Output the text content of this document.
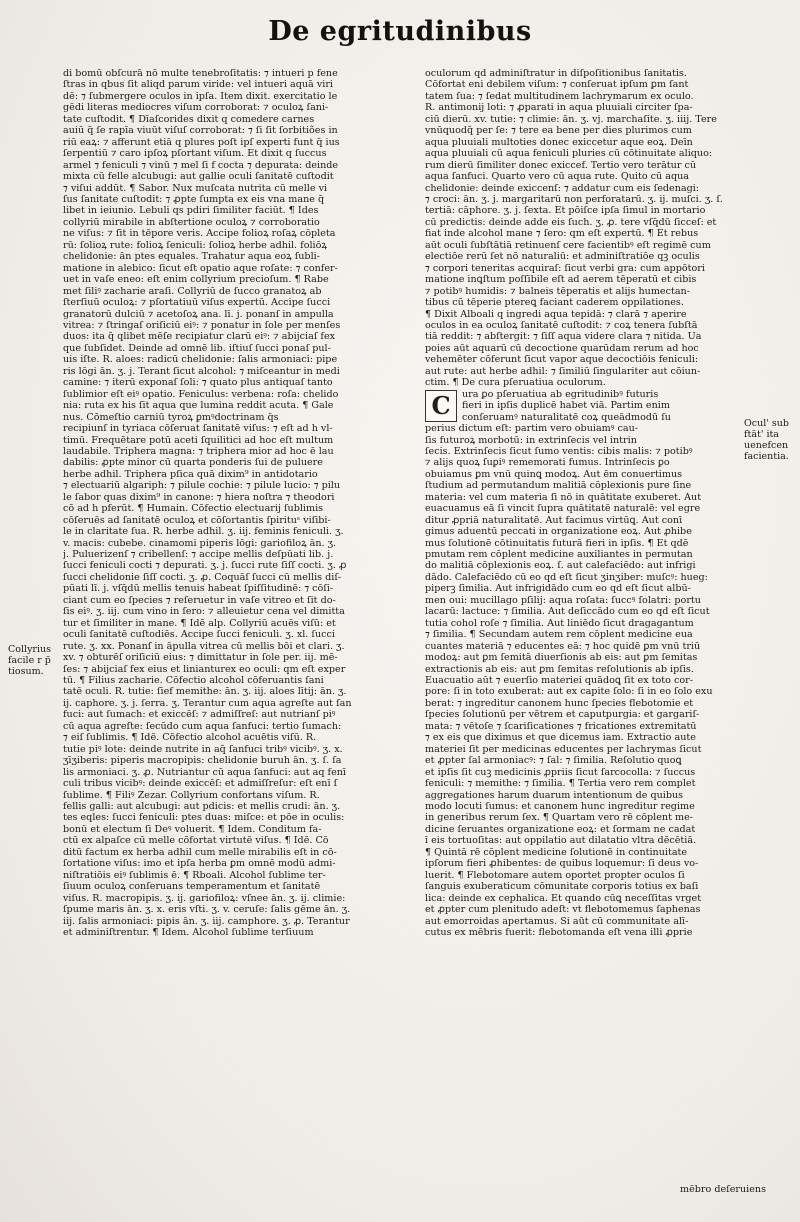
De egritudinibus
Collyrius
facile r p̃
tiosum.
Ocul' sub
ftāt' ita
uenefcen
facientia.

di bomū obſcurā nō multe tenebroſitatis: ⁊ intueri p fene

ſtras in qbus ſit aliqd parum viride: vel intueri aquā viri

dē: ⁊ ſubmergere oculos in ipſa. Item dixit. exercitatio le

gēdi literas mediocres viſum corroborat: ⁊ oculoꝝ ſani-

tate cuſtodit. ¶ Dīaſcorides dixit q comedere carnes

auiū q̄ ſe rapīa viuūt viſuſ corroborat: ⁊ ſi ſit ſorbitiões in

riū eaꝝ: ⁊ afferunt etiā q plures poſt ipſ experti funt q̄ ius

ſerpentiū ⁊ caro ipſoꝝ pſortant viſum. Et dixit q ſuccus

armel ⁊ feniculi ⁊ vinū ⁊ mel ſi f cocta ⁊ depurata: deinde

mixta cū felle alcubugi: aut gallie oculi ſanitatē cuſtodit

⁊ viſui addūt. ¶ Sabor. Nux muſcata nutrita cū melle vi

ſus ſanitate cuſtodit: ⁊ ꝓpte ſumpta ex eis vna mane q̄

libet in ieiunio. Lebuli qs pdiri ſimiliter faciūt. ¶ Ides

collyriū mirabile in abſtertione oculoꝝ ⁊ corroboratio

ne viſus: ⁊ ſit in tēpore veris. Accipe folioꝝ roſaꝝ cōpleta

rū: ſolioꝝ rute: folioꝝ ſeniculi: ſolioꝝ herbe adhil. foliōꝝ

chelidonie: ān ptes equales. Trahatur aqua eoꝝ ſubli-

matione in alebico: ſicut eſt opatio aque roſate: ⁊ confer-

uet in vaſe eneo: eſt enim collyrium precioſum. ¶ Rabe

met ſiliꝰ zacharie araſi. Collyriū de ſucco granatoꝝ ab

ſterſiuū oculoꝝ: ⁊ pſortatiuū viſus expertū. Accipe ſucci

granatorū dulciū ⁊ acetoſoꝝ ana. lī. j. ponanſ in ampulla

vitrea: ⁊ ſtringaſ oriſiciū eiꝰ: ⁊ ponatur in ſole per menſes

duos: ita q̄ qlibet mēſe recipiatur clarū eiꝰ: ⁊ abijciaſ fex

que ſubſidet. Deinde ad omnē lib. iſtiuſ ſucci ponaſ pul-

uis iſte. R. aloes: radicū chelidonie: ſalis armoniaci: pipe

ris lōgi ān. ʒ. j. Terant ſicut alcohol: ⁊ miſceantur in medi

camine: ⁊ iterū exponaſ ſoli: ⁊ quato plus antiquaſ tanto

ſublimior eſt eiꝰ opatio. Feniculus: verbena: roſa: chelido

nia: ruta ex his ſit aqua que lumina reddit acuta. ¶ Gale

nus. Cōmeſtio carniū tyroꝝ ꝑmꝰdoctrinam q̄s

recipiunſ in tyriaca cōſeruat ſanitatē viſus: ⁊ eſt ad h vl-

timū. Frequētare potū aceti ſquilitici ad hoc eſt multum

laudabile. Triphera magna: ⁊ triphera mior ad hoc ē lau

dabilis: ꝓpte minor cū quarta ponderis ſui de puluere

herbe adhil. Triphera pſica quā dixim⁹ in antidotario

⁊ electuariū algariph: ⁊ pilule cochie: ⁊ pilule lucio: ⁊ pilu

le ſabor quas dixim⁹ in canone: ⁊ hiera noſtra ⁊ theodori

cō ad h pferūt. ¶ Humain. Cōfectio electuarij ſublimis

cōſeruēs ad ſanitatē oculoꝝ et cōſortantis ſpirituˢ viſibi-

le in claritate ſua. R. herbe adhil. ʒ. iij. feminis feniculi. ʒ.

v. macis: cubebe. cinamomi piperis lōgi: gariofiloꝝ ān. ʒ.

j. Puluerizenſ ⁊ cribellenſ: ⁊ accipe mellis deſpūati lib. j.

ſucci feniculi cocti ⁊ depurati. ʒ. j. ſucci rute ſiſſ cocti. ʒ. ꝓ

ſucci chelidonie ſiſſ cocti. ʒ. ꝓ. Coquāſ ſucci cū mellis diſ-

pūati lī. j. vſq̄dū mellis tenuis habeat ſpiſſitudinē: ⁊ cōſi-

ciant cum eo ſpecies ⁊ reſeruetur in vaſe vitreo et ſit do-

ſis eiꝰ. ʒ. iij. cum vino in ſero: ⁊ alleuietur cena vel dimitta

tur et ſimiliter in mane. ¶ Idē alp. Collyriū acuēs viſū: et

oculi ſanitatē cuſtodiēs. Accipe ſucci feniculi. ʒ. xl. ſucci

rute. ʒ. xx. Ponanſ in āpulla vitrea cū mellis bōi et clari. ʒ.

xv. ⁊ obturēſ oriſiciū eius: ⁊ dimittatur in ſole per. iij. mē-

ſes: ⁊ abijciaſ fex eius et linianturex eo oculi: qm eſt exper

tū. ¶ Filius zacharie. Cōfectio alcohol cōferuantis ſani

tatē oculi. R. tutie: ſief memithe: ān. ʒ. iij. aloes lītij: ān. ʒ.

ij. caphore. ʒ. j. ſerra. ʒ. Terantur cum aqua agreſte aut ſan

fuci: aut ſumach: et exiccēſ: ⁊ admiſſreſ: aut nutrianſ piꝰ

cū aqua agreſte: ſecūdo cum aqua ſanfuci: tertio ſumach:

⁊ eiſ ſublimis. ¶ Idē. Cōfectio alcohol acuētis viſū. R.

tutie piꝰ lote: deinde nutrite in aq̄ ſanfuci tribꝰ vicibꝰ. ʒ. x.

ʒīʒiberis: piperis macropipis: chelidonie buruh ān. ʒ. ſ. ſa

lis armoniaci. ʒ. ꝓ. Nutriantur cū aqua ſanfuci: aut aq fenī

culi tribus vicibꝰ: deinde exiccēſ: et admiſſreſur: eſt enī ſ

ſublime. ¶ Filiꝰ Zezar. Collyrium confortans viſum. R.

fellis galli: aut alcubugi: aut pdicis: et mellis crudi: ān. ʒ.

tes eqles: ſucci feniculi: ptes duas: miſce: et pōe in oculis:

bonū et electum ſi Deꝰ voluerit. ¶ Idem. Conditum fa-

ctū ex alpaſce cū melle cōfortat virtutē viſus. ¶ Idē. Cō

ditū factum ex herba adhil cum melle mirabilis eſt in cō-

ſortatione viſus: imo et ipſa herba ꝑm omnē modū admi-

niſtratiōis eiꝰ ſublimis ē. ¶ Rboali. Alcohol ſublime ter-

ſiuum oculoꝝ conſeruans temperamentum et ſanitatē

viſus. R. macropipis. ʒ. ij. gariofiloꝝ: vſnee ān. ʒ. ij. climie:

ſpume maris ān. ʒ. x. eris vſti. ʒ. v. ceruſe: ſalis gēme ān. ʒ.

iij. ſalis armoniaci: pipis ān. ʒ. iij. camphore. ʒ. ꝓ. Terantur

et adminiſtrentur. ¶ Idem. Alcohol ſublime terſiuum

oculorum qd adminiſtratur in diſpoſitionibus ſanitatis.

Cōfortat eni debilem viſum: ⁊ conſeruat ipſum ꝑm ſant

tatem ſua: ⁊ ſedat multitudinem lachrymarum ex oculo.

R. antimonij loti: ⁊ ꝓparati in aqua pluuiali circiter ſpa-

ciū dierū. xv. tutie: ⁊ climie: ān. ʒ. vj. marchaſite. ʒ. iiij. Tere

vnūquodq̄ per ſe: ⁊ tere ea bene per dies plurimos cum

aqua pluuiali multoties donec exiccetur aque eoꝝ. Deīn

aqua pluuiali cū aqua feniculi pluries cū cōtinuitate aliquo:

rum dierū ſimiliter donec exiccef. Tertio vero terātur cū

aqua ſanfuci. Quarto vero cū aqua rute. Quito cū aqua

chelidonie: deinde exiccenſ: ⁊ addatur cum eis ſedenagi:

⁊ croci: ān. ʒ. j. margaritarū non perforatarū. ʒ. ij. muſci. ʒ. ſ.

tertiā: cāphore. ʒ. j. ſexta. Et pōiſce ipſa ſimul in mortario

cū predictis: deinde adde eis ſuch. ʒ. ꝓ. tere vſq̄dū ſicceſ: et

fiat inde alcohol mane ⁊ ſero: qm eſt expertū. ¶ Et rebus

aūt oculi ſubſtātiā retinuenſ cere facientibꝰ eſt regimē cum

electiōe rerū ſet nō naturaliū: et adminiſtratiōe qꝫ oculis

⁊ corpori teneritas acquiraſ: ſicut verbi gra: cum appōtori

matione inꝗſtum poſſibile eſt ad aerem tēperatū et cibis

⁊ potibꝰ humidis: ⁊ balneis tēperatis et alijs humectan-

tibus cū tēperie ptereꝗ faciant caderem oppilationes.

¶ Dixit Alboali q ingredi aqua tepidā: ⁊ clarā ⁊ aperire

oculos in ea oculoꝝ ſanitatē cuſtodit: ⁊ coꝝ tenera ſubſtā

tiā reddit: ⁊ abſtergit: ⁊ ſiſſ aqua videre clara ⁊ nitida. Ua

poies aūt aquarū cū decoctione quarūdam rerum ad hoc

vehemēter cōferunt ſicut vapor aque decoctiōis feniculi:

aut rute: aut herbe adhil: ⁊ ſimiliū ſingulariter aut cōiun-

ctim. ¶ De cura pſeruatiua oculorum.

C	ura ꝑo pſeruatiua ab egritudinibꝰ futuris

fieri in ipſis duplicē habet viā. Partim enim

conſeruamꝰ naturalitatē coꝝ queādmodū ſu

perius dictum eſt: partim vero obuiamꝰ cau-

ſis futuroꝝ morbotū: in extrinſecis vel intrin

ſecis. Extrinſecis ſicut ſumo ventis: cibis malis: ⁊ potibꝰ

⁊ alijs quoꝝ ſuꝑiꝰ rememorati fumus. Intrinſecis ꝑo

obuiamus ꝑm vnū quinꝗ modoꝝ. Aut ēm conuertimus

ſtudium ad permutandum malitiā cōplexionis pure ſine

materia: vel cum materia ſi nō in quātitate exuberet. Aut

euacuamus eā ſi vincit ſupra quātitatē naturalē: vel egre

ditur ꝓpriā naturalitatē. Aut facimus virtūꝗ. Aut conī

gimus aduentū peccati in organizatione eoꝝ. Aut ꝓhibe

mus ſolutionē cōtinuitatis futurā fieri in ipſis. ¶ Et qdē

pmutam rem cōplent medicine auxiliantes in permutan

do malitiā cōplexionis eoꝝ. ſ. aut calefaciēdo: aut infrigi

dādo. Calefaciēdo cū eo qd eſt ſicut ʒinʒiber: muſcꝰ: hueg:

piperꝫ ſimilia. Aut infrigidādo cum eo qd eſt ſicut albū-

men oui: mucillago pſilij: aqua roſata: ſuccꝰ ſolatri: portu

lacarū: lactuce: ⁊ ſimilia. Aut deſiccādo cum eo qd eſt ſicut

tutia cohol roſe ⁊ ſimilia. Aut liniēdo ſicut dragagantum

⁊ ſimilia. ¶ Secundam autem rem cōplent medicine eua

cuantes materiā ⁊ educentes eā: ⁊ hoc quidē ꝑm vnū triū

modoꝝ: aut ꝑm ſemitā diuerſionis ab eis: aut ꝑm ſemitas

extractionis ab eis: aut ꝑm ſemitas reſolutionis ab ipſis.

Euacuatio aūt ⁊ euerſio materiei quādoꝗ ſit ex toto cor-

pore: ſi in toto exuberat: aut ex capite ſolo: ſi in eo ſolo exu

berat: ⁊ ingreditur canonem hunc ſpecies flebotomie et

ſpecies ſolutionū per vētrem et caputpurgia: et gargariſ-

mata: ⁊ vētoſe ⁊ ſcariſicationes ⁊ fricationes extremitatū

⁊ ex eis que diximus et que dicemus iam. Extractio aute

materiei ſit per medicinas educentes per lachrymas ſicut

et ꝓpter ſal armoniacꝰ: ⁊ ſal: ⁊ ſimilia. Reſolutio quoꝗ

et ipſis ſit cuꝫ medicinis ꝓpriis ſicut ſarcocolla: ⁊ ſuccus

feniculi: ⁊ memithe: ⁊ ſimilia. ¶ Tertia vero rem complet

aggregationes harum duarum intentionum de quibus

modo locuti ſumus: et canonem hunc ingreditur regime

in generibus rerum ſex. ¶ Quartam vero rē cōplent me-

dicine ſeruantes organizatione eoꝝ: et ſormam ne cadat

ī eis tortuoſitas: aut oppilatio aut dilatatio vltra dēcētiā.

¶ Quintā rē cōplent medicine ſolutionē in continuitate

ipſorum fieri ꝓhibentes: de quibus loquemur: ſi deus vo-

luerit. ¶ Flebotomare autem oportet propter oculos ſi

ſanguis exuberaticum cōmunitate corporis totius ex baſi

lica: deinde ex cephalica. Et quando cūꝗ neceſſitas vrget

et ꝓpter cum plenitudo adeſt: vt flebotomemus ſaphenas

aut emorroidas apertamus. Si aūt cū communitate alī-

cutus ex mēbris fuerit: flebotomanda eſt vena illi ꝓprie

mēbro deſeruiens
